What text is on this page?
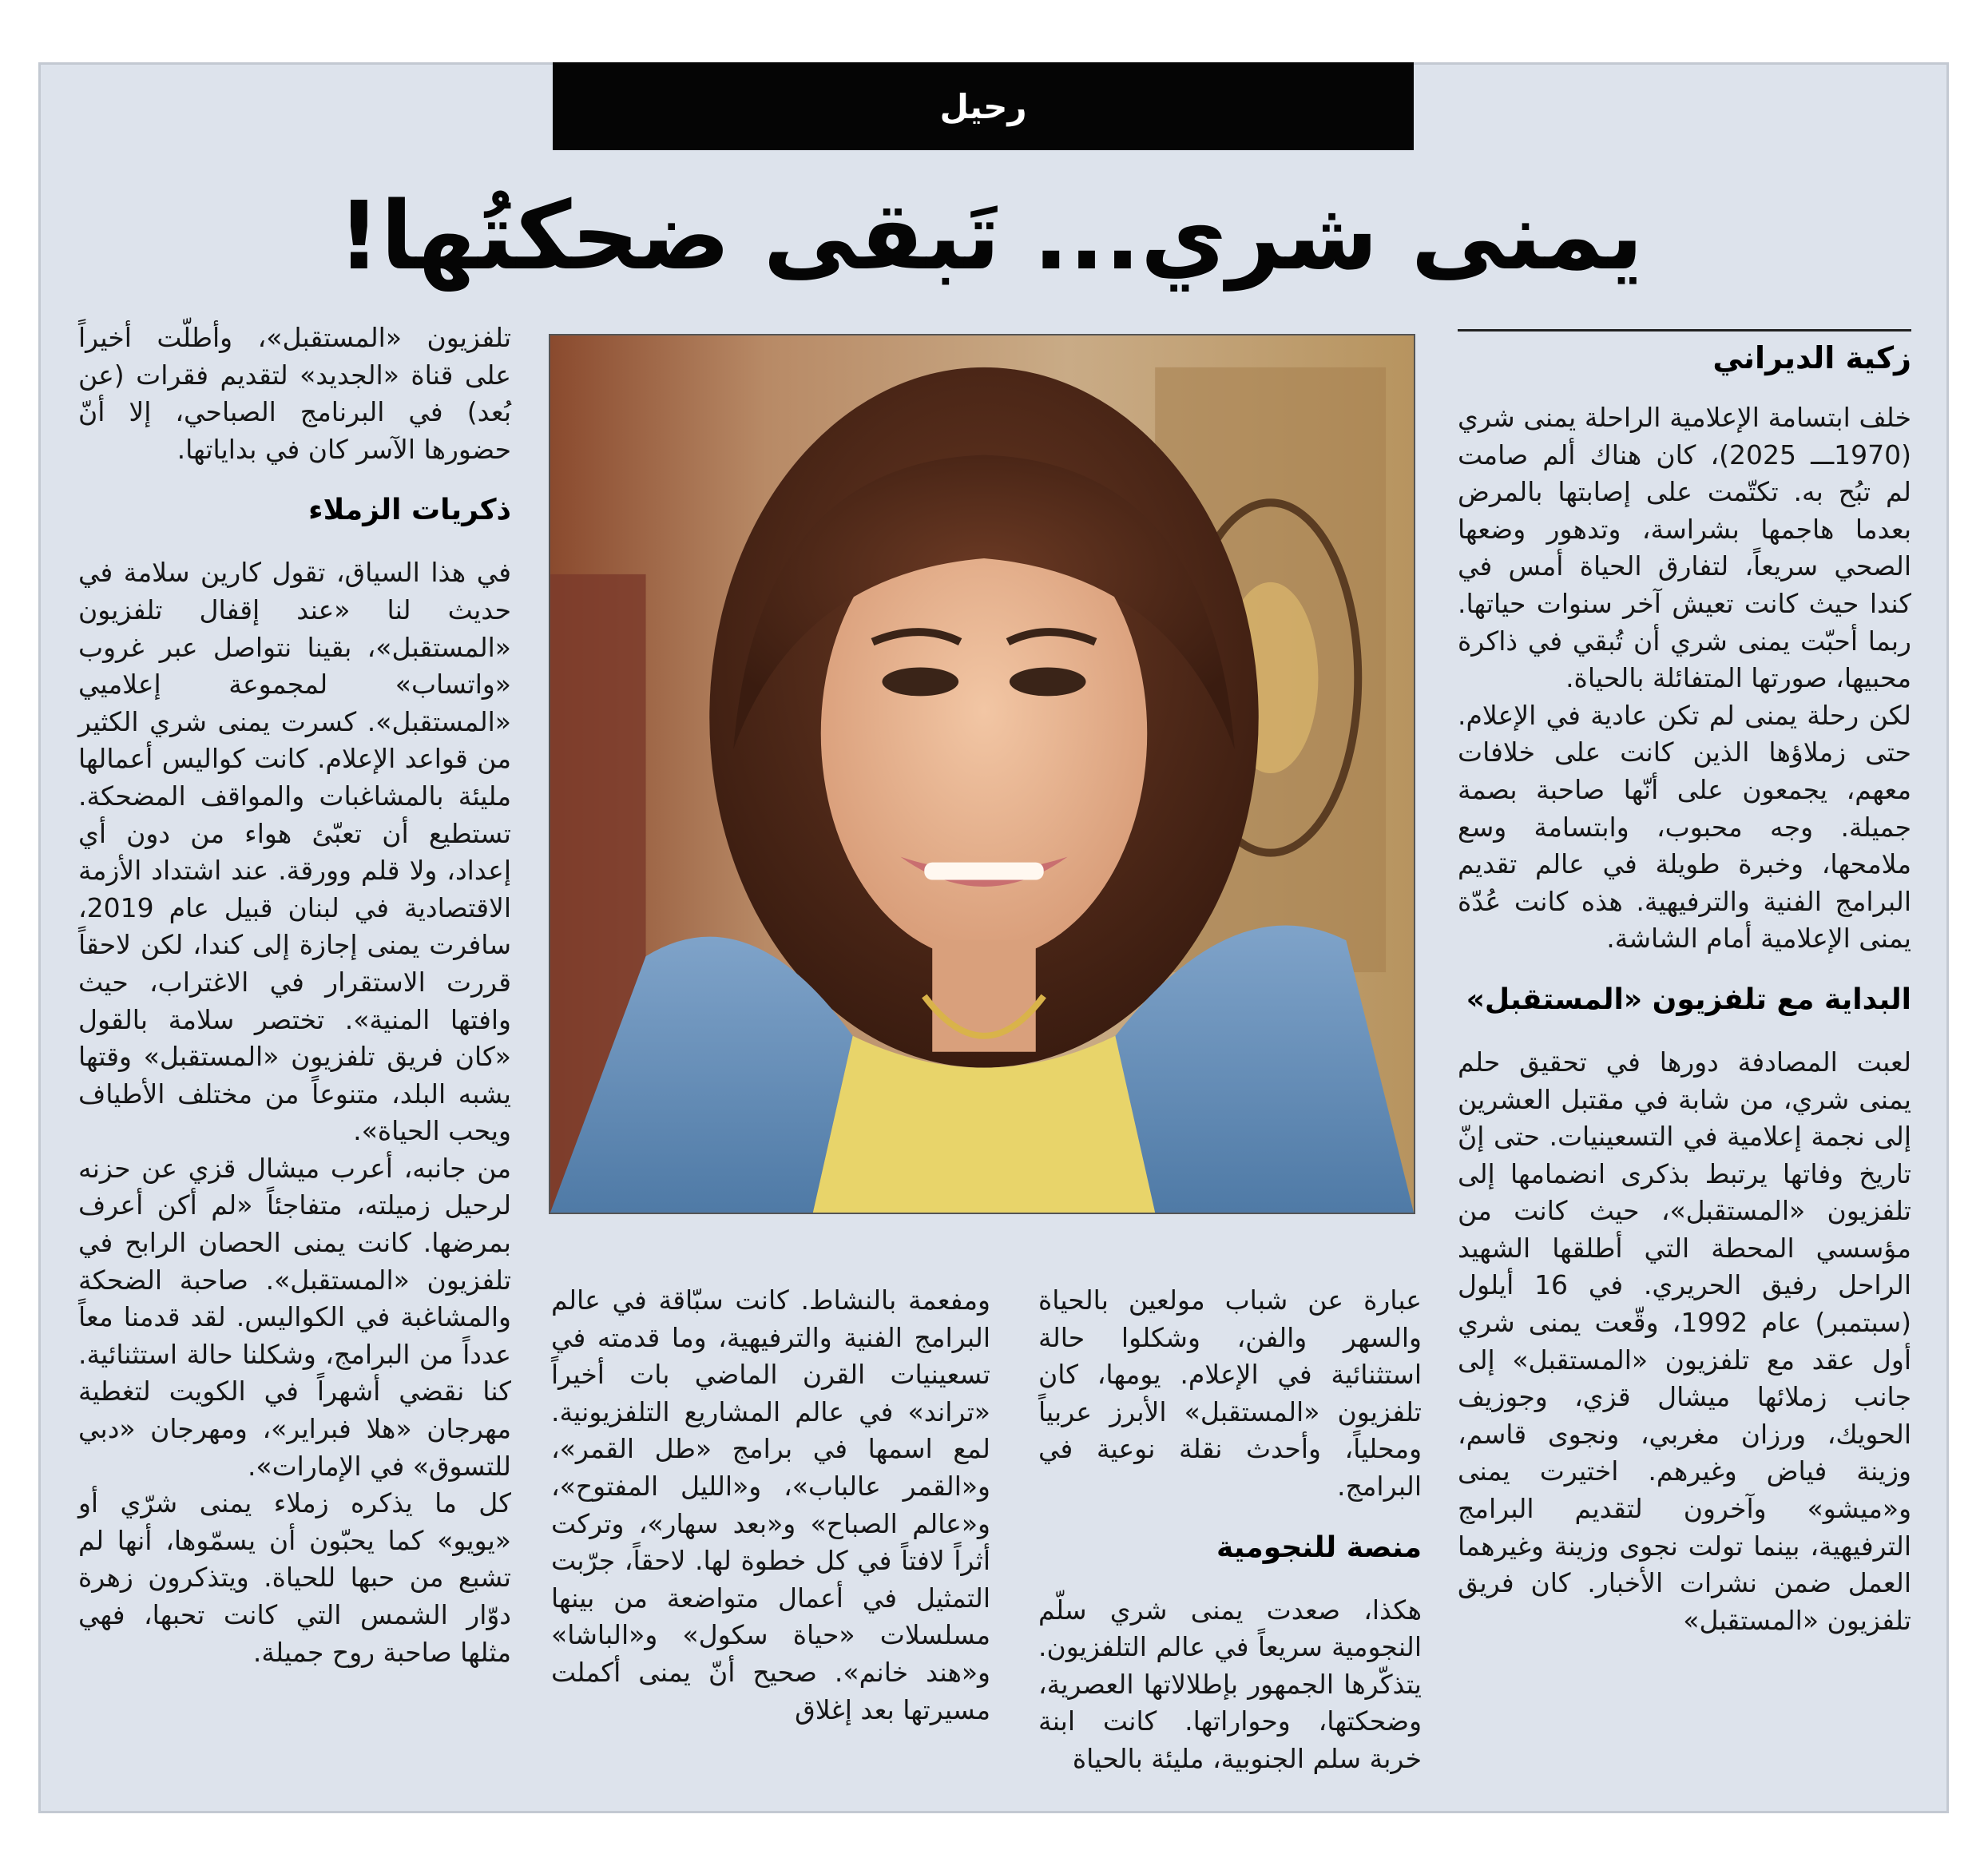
رحيل
يمنى شري... تَبقى ضحكتُها!
زكية الديراني

خلف ابتسامة الإعلامية الراحلة يمنى شري (1970ـــ 2025)، كان هناك ألم صامت لم تبُح به. تكتّمت على إصابتها بالمرض بعدما هاجمها بشراسة، وتدهور وضعها الصحي سريعاً، لتفارق الحياة أمس في كندا حيث كانت تعيش آخر سنوات حياتها. ربما أحبّت يمنى شري أن تُبقي في ذاكرة محبيها، صورتها المتفائلة بالحياة.

لكن رحلة يمنى لم تكن عادية في الإعلام. حتى زملاؤها الذين كانت على خلافات معهم، يجمعون على أنّها صاحبة بصمة جميلة. وجه محبوب، وابتسامة وسع ملامحها، وخبرة طويلة في عالم تقديم البرامج الفنية والترفيهية. هذه كانت عُدّة يمنى الإعلامية أمام الشاشة.

البداية مع تلفزيون «المستقبل»

لعبت المصادفة دورها في تحقيق حلم يمنى شري، من شابة في مقتبل العشرين إلى نجمة إعلامية في التسعينيات. حتى إنّ تاريخ وفاتها يرتبط بذكرى انضمامها إلى تلفزيون «المستقبل»، حيث كانت من مؤسسي المحطة التي أطلقها الشهيد الراحل رفيق الحريري. في 16 أيلول (سبتمبر) عام 1992، وقّعت يمنى شري أول عقد مع تلفزيون «المستقبل» إلى جانب زملائها ميشال قزي، وجوزيف الحويك، ورزان مغربي، ونجوى قاسم، وزينة فياض وغيرهم. اختيرت يمنى و«ميشو» وآخرون لتقديم البرامج الترفيهية، بينما تولت نجوى وزينة وغيرهما العمل ضمن نشرات الأخبار. كان فريق تلفزيون «المستقبل»

عبارة عن شباب مولعين بالحياة والسهر والفن، وشكلوا حالة استثنائية في الإعلام. يومها، كان تلفزيون «المستقبل» الأبرز عربياً ومحلياً، وأحدث نقلة نوعية في البرامج.

منصة للنجومية

هكذا، صعدت يمنى شري سلّم النجومية سريعاً في عالم التلفزيون. يتذكّرها الجمهور بإطلالاتها العصرية، وضحكتها، وحواراتها. كانت ابنة خربة سلم الجنوبية، مليئة بالحياة

ومفعمة بالنشاط. كانت سبّاقة في عالم البرامج الفنية والترفيهية، وما قدمته في تسعينيات القرن الماضي بات أخيراً «تراند» في عالم المشاريع التلفزيونية. لمع اسمها في برامج «طل القمر»، و«القمر عالباب»، و«الليل المفتوح»، و«عالم الصباح» و«بعد سهار»، وتركت أثراً لافتاً في كل خطوة لها. لاحقاً، جرّبت التمثيل في أعمال متواضعة من بينها مسلسلات «حياة سكول» و«الباشا» و«هند خانم». صحيح أنّ يمنى أكملت مسيرتها بعد إغلاق

تلفزيون «المستقبل»، وأطلّت أخيراً على قناة «الجديد» لتقديم فقرات (عن بُعد) في البرنامج الصباحي، إلا أنّ حضورها الآسر كان في بداياتها.

ذكريات الزملاء

في هذا السياق، تقول كارين سلامة في حديث لنا «عند إقفال تلفزيون «المستقبل»، بقينا نتواصل عبر غروب «واتساب» لمجموعة إعلاميي «المستقبل». كسرت يمنى شري الكثير من قواعد الإعلام. كانت كواليس أعمالها مليئة بالمشاغبات والمواقف المضحكة. تستطيع أن تعبّئ هواء من دون أي إعداد، ولا قلم وورقة. عند اشتداد الأزمة الاقتصادية في لبنان قبيل عام 2019، سافرت يمنى إجازة إلى كندا، لكن لاحقاً قررت الاستقرار في الاغتراب، حيث وافتها المنية». تختصر سلامة بالقول «كان فريق تلفزيون «المستقبل» وقتها يشبه البلد، متنوعاً من مختلف الأطياف ويحب الحياة».

من جانبه، أعرب ميشال قزي عن حزنه لرحيل زميلته، متفاجئاً «لم أكن أعرف بمرضها. كانت يمنى الحصان الرابح في تلفزيون «المستقبل». صاحبة الضحكة والمشاغبة في الكواليس. لقد قدمنا معاً عدداً من البرامج، وشكلنا حالة استثنائية. كنا نقضي أشهراً في الكويت لتغطية مهرجان «هلا فبراير»، ومهرجان «دبي للتسوق» في الإمارات».

كل ما يذكره زملاء يمنى شرّي أو «يويو» كما يحبّون أن يسمّوها، أنها لم تشبع من حبها للحياة. ويتذكرون زهرة دوّار الشمس التي كانت تحبها، فهي مثلها صاحبة روح جميلة.
